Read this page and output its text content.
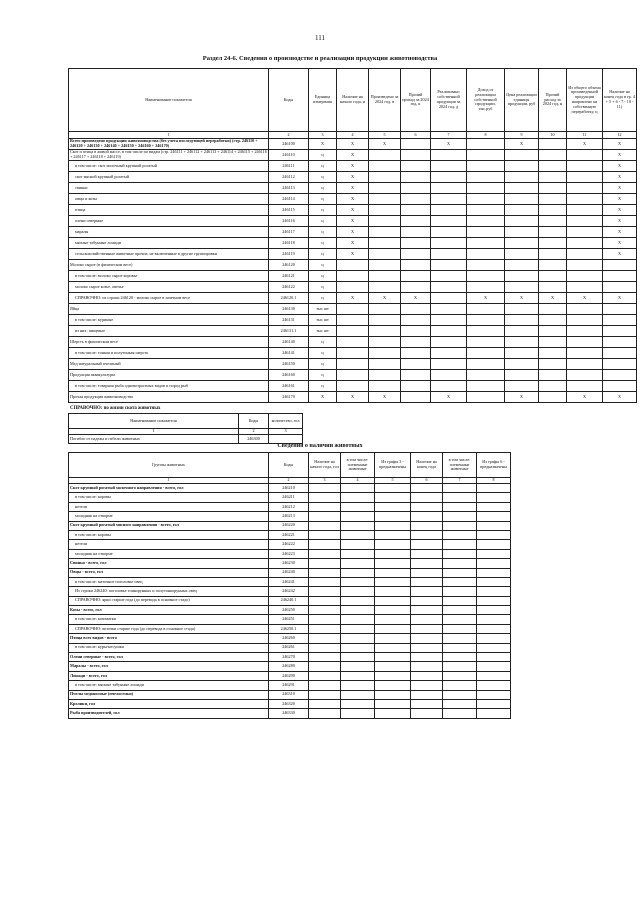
111
Раздел 24-6. Сведения о производстве и реализации продукции животноводства
Наименование показателя	Коды	Единица измерения	Наличие на начало года, и	Произведено за 2024 год, в	Прочий приход за 2024 год, к	Реализовано собственной продукции за 2024 год, д	Доход от реализации собственной продукции, тыс.руб	Цена реализации единицы продукции, руб	Прочий расход за 2024 год, н	Из общего объема произведенной продукции направлено на собственную переработку, ц	Наличие на конец года в гр. 4 + 5 + 6 - 7 - 10 - 11)
1	2	3	4	5	6	7	8	9	10	11	12
Всего произведено продукции животноводства (без учета последующей переработки) (стр. 246110 + 246120 + 246130 + 246140 + 246150 + 246160 + 246170)	246100	X	X	X		X		X		X	X
Скот и птица в живой массе, в том числе по видам (стр. 246111 + 246112 + 246113 + 246114 + 246115 + 246116 + 246117 + 246118 + 246119)	246110	ц	X								X
в том числе: скот молочный крупный рогатый	246111	ц	X								X
скот мясной крупный рогатый	246112	ц	X								X
свиньи	246113	ц	X								X
овцы и козы	246114	ц	X								X
птица	246115	ц	X								X
олени северные	246116	ц	X								X
маралы	246117	ц	X								X
мясные табунные лошади	246118	ц	X								X
сельскохозяйственные животные прочие, не включенные в другие группировки	246119	ц	X								X
Молоко сырое (в физическом весе)	246120	ц									
в том числе: молоко сырое коровье	246121	ц									
молоко сырое козье, овечье	246122	ц									
СПРАВОЧНО: из строки 246120 - молоко сырое в зачетном весе	246120.1	ц	X	X	X		X	X	X	X	X
Яйца	246130	тыс шт									
в том числе: куриные	246131	тыс шт									
из них: пищевые	246131.1	тыс шт									
Шерсть в физическом весе	246140	ц									
в том числе: тонкая и полутонкая шерсть	246141	ц									
Мед натуральный пчелиный	246150	ц									
Продукция аквакультуры	246160	ц									
в том числе: товарная рыба одновозрастных видов и пород рыб	246161	ц									
Прочая продукция животноводства	246170	X	X	X		X		X		X	X
СПРАВОЧНО: по жизни скота животных
Наименование показателя	Коды	количество, гол
1	2	3
Погибло от падежа и гибели животных	246300	
Сведения о наличии животных
Группы животных	Коды	Наличие на начало года, гол	в том числе: племенные животные	Из графы 3 - предназначены	Наличие на конец года	в том числе: племенные животные	Из графы 6 - предназначены
1	2	3	4	5	6	7	8
Скот крупный рогатый молочного направления - всего, гол	246210						
в том числе: коровы	246211						
нетели	246212						
молодняк на откорме	246213						
Скот крупный рогатый мясного направления - всего, гол	246220						
в том числе: коровы	246221						
нетели	246222						
молодняк на откорме	246223						
Свиньи - всего, гол	246230						
Овцы - всего, гол	246240						
в том числе: маточное поголовье овец	246241						
Из строки 246240: поголовье тонкорунных и полутонкорунных овец	246242						
СПРАВОЧНО: ярки старше года (до перевода в основное стадо)	246240.1						
Козы - всего, гол	246250						
в том числе: козоматки	246251						
СПРАВОЧНО: козочки старше года (до перевода в основное стадо)	246250.1						
Птица всех видов - всего	246260						
в том числе: куры-несушки	246261						
Олени северные - всего, гол	246270						
Маралы - всего, гол	246280						
Лошади - всего, гол	246290						
в том числе: мясные табунные лошади	246291						
Пчелы медоносные (пчелосемьи)	246310						
Кролики, гол	246320						
Рыба производителей, гол	246330						
